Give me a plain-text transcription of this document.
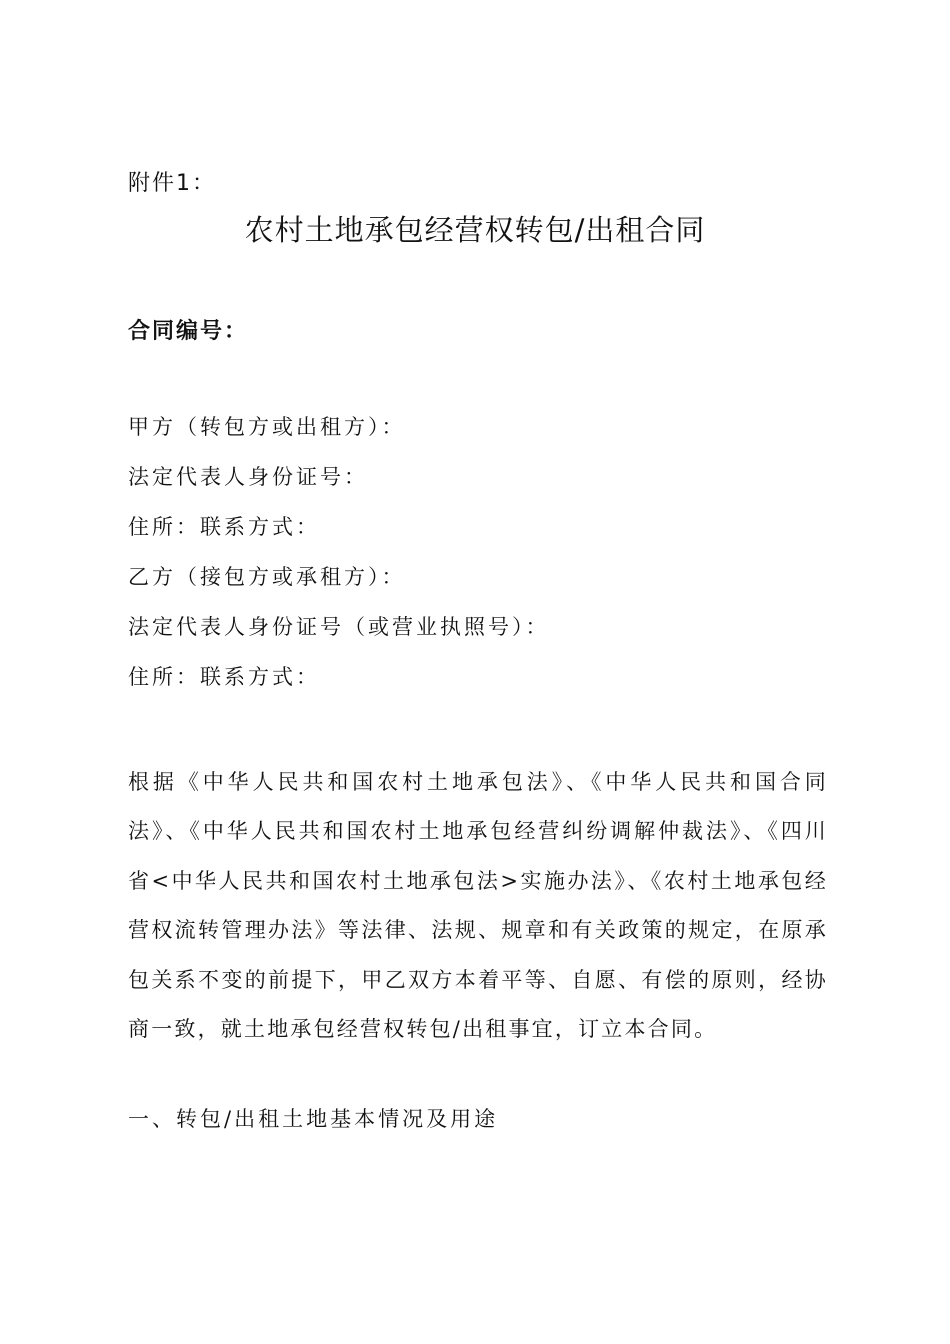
附件1：
农村土地承包经营权转包/出租合同
合同编号：
甲方（转包方或出租方）：
法定代表人身份证号：
住所：联系方式：
乙方（接包方或承租方）：
法定代表人身份证号（或营业执照号）：
住所：联系方式：
根据《中华人民共和国农村土地承包法》、《中华人民共和国合同法》、《中华人民共和国农村土地承包经营纠纷调解仲裁法》、《四川省<中华人民共和国农村土地承包法>实施办法》、《农村土地承包经营权流转管理办法》等法律、法规、规章和有关政策的规定，在原承包关系不变的前提下，甲乙双方本着平等、自愿、有偿的原则，经协商一致，就土地承包经营权转包/出租事宜，订立本合同。
一、转包/出租土地基本情况及用途
